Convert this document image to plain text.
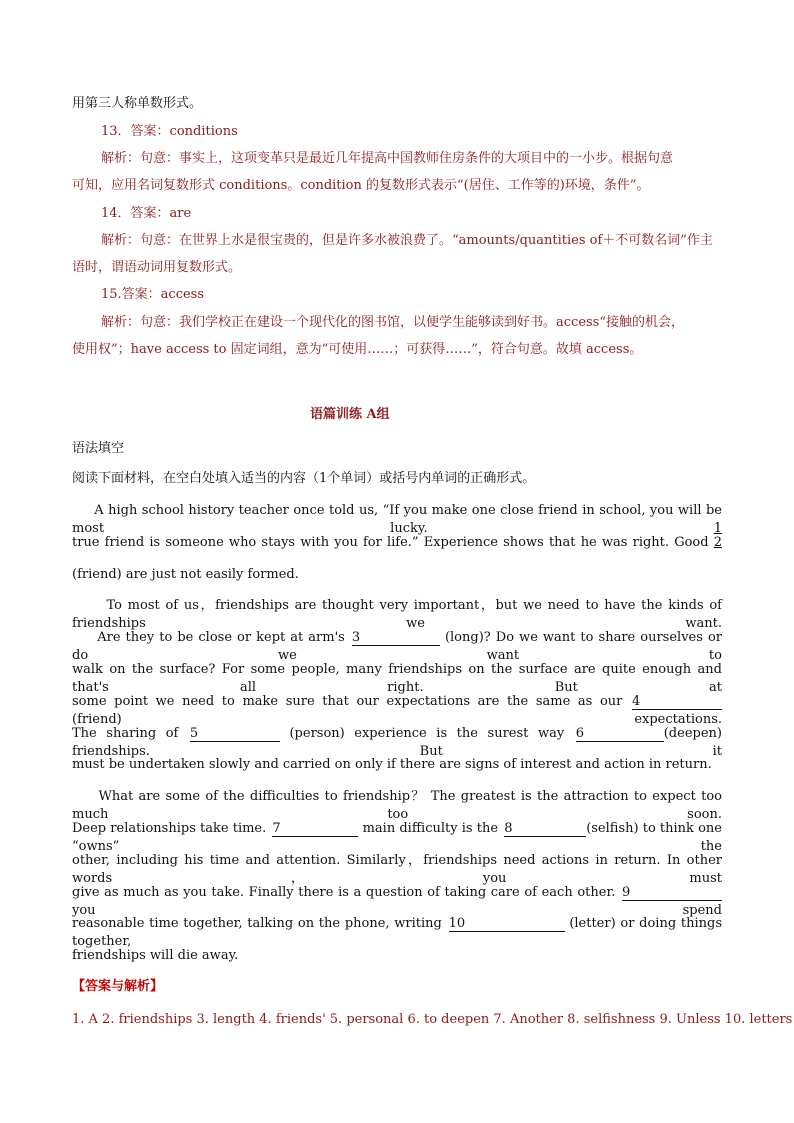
用第三人称单数形式。
13．答案：conditions
解析：句意：事实上，这项变革只是最近几年提高中国教师住房条件的大项目中的一小步。根据句意
可知，应用名词复数形式 conditions。condition 的复数形式表示“(居住、工作等的)环境，条件”。
14．答案：are
解析：句意：在世界上水是很宝贵的，但是许多水被浪费了。“amounts/quantities of＋不可数名词”作主
语时，谓语动词用复数形式。
15.答案：access
解析：句意：我们学校正在建设一个现代化的图书馆，以便学生能够读到好书。access“接触的机会，
使用权”；have access to 固定词组，意为“可使用……；可获得……”，符合句意。故填 access。
语篇训练 A组
语法填空
阅读下面材料，在空白处填入适当的内容（1个单词）或括号内单词的正确形式。
A high school history teacher once told us, “If you make one close friend in school, you will be most lucky.	1
true friend is someone who stays with you for life.” Experience shows that he was right. Good 2
(friend) are just not easily formed.
To most of us，friendships are thought very important，but we need to have the kinds of friendships we want.
Are they to be close or kept at arm's 3	(long)? Do we want to share ourselves or do we want to
walk on the surface? For some people, many friendships on the surface are quite enough and that's all right. But at
some point we need to make sure that our expectations are the same as our 4 (friend) expectations.
The sharing of 5	(person) experience is the surest way 6	(deepen) friendships. But it
must be undertaken slowly and carried on only if there are signs of interest and action in return.
What are some of the difficulties to friendship？ The greatest is the attraction to expect too much too soon.
Deep relationships take time. 7	main difficulty is the 8	(selfish) to think one “owns” the
other, including his time and attention. Similarly，friendships need actions in return. In other words，you must
give as much as you take. Finally there is a question of taking care of each other. 9 you spend
reasonable time together, talking on the phone, writing 10	(letter) or doing things together,
friendships will die away.
【答案与解析】
1. A 2. friendships 3. length 4. friends' 5. personal 6. to deepen 7. Another 8. selfishness 9. Unless 10. letters
